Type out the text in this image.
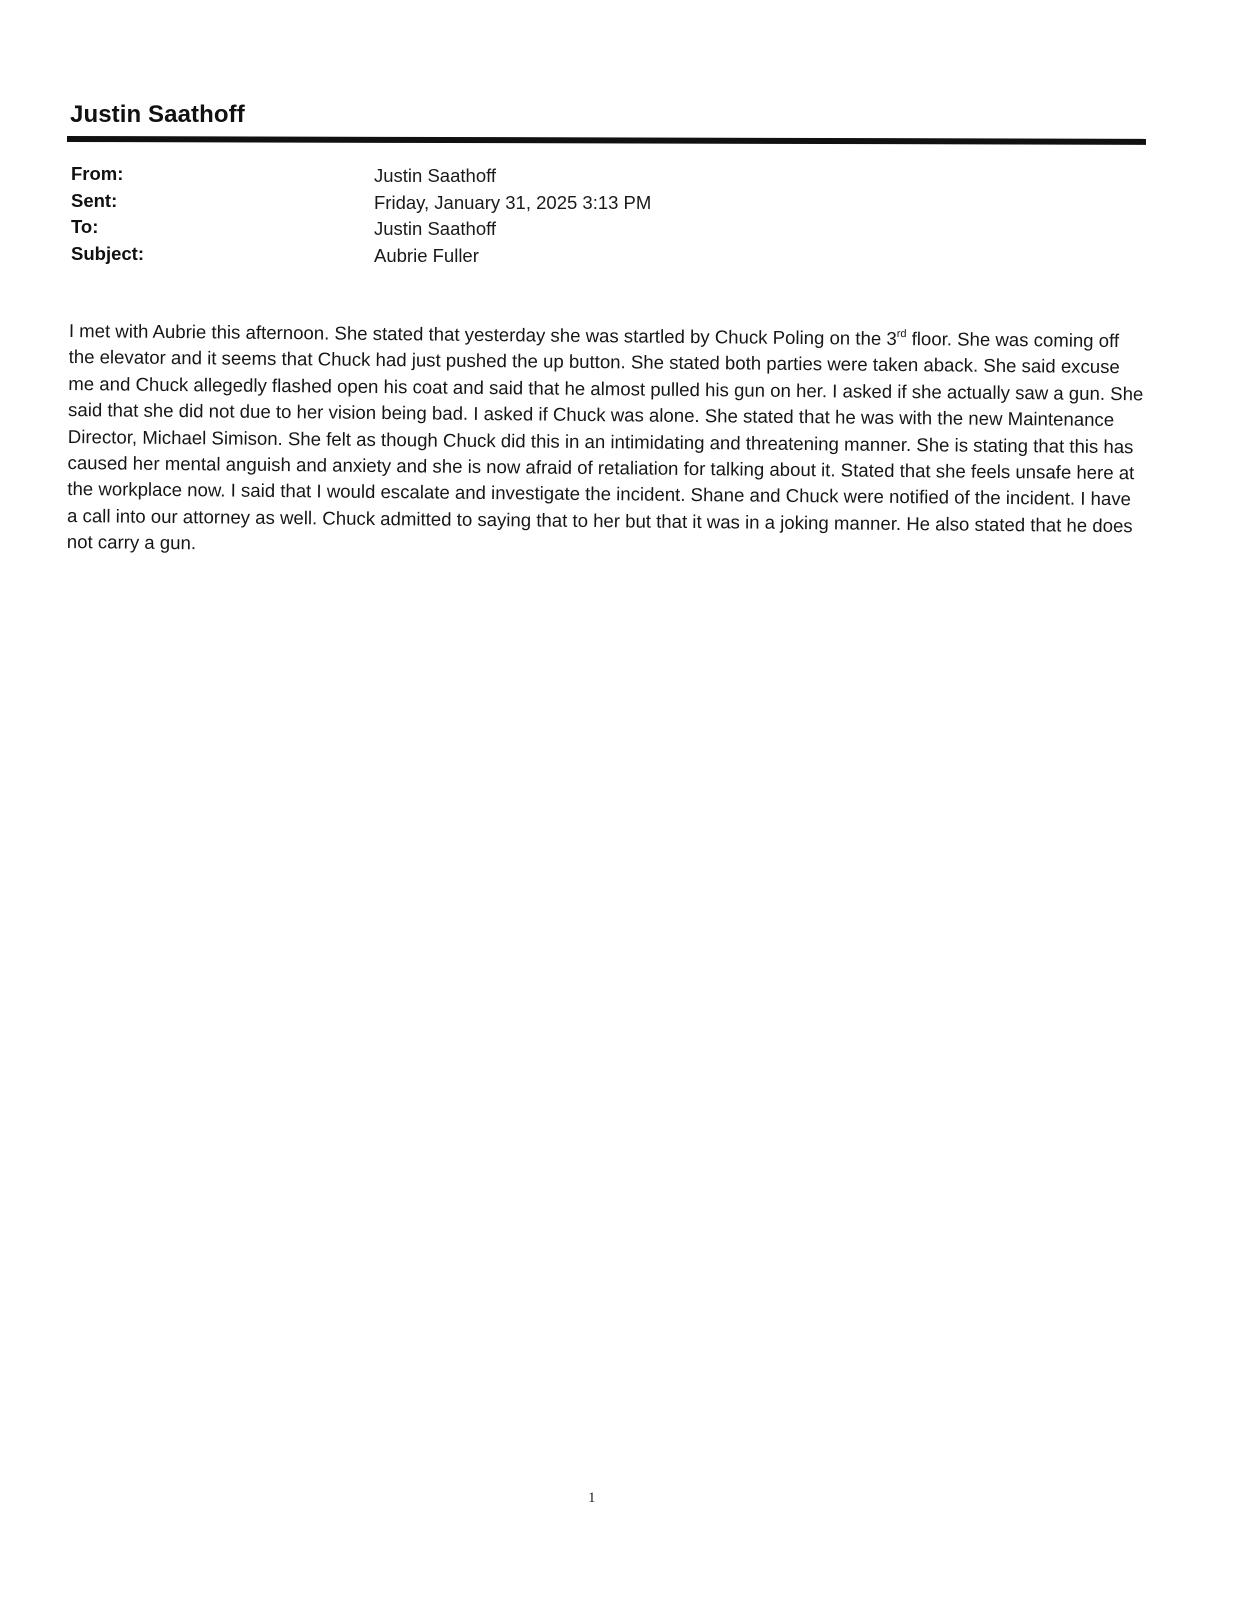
Justin Saathoff
From:	Justin Saathoff
Sent:	Friday, January 31, 2025 3:13 PM
To:	Justin Saathoff
Subject:	Aubrie Fuller

I met with Aubrie this afternoon. She stated that yesterday she was startled by Chuck Poling on the 3rd floor. She was coming off the elevator and it seems that Chuck had just pushed the up button. She stated both parties were taken aback. She said excuse me and Chuck allegedly flashed open his coat and said that he almost pulled his gun on her. I asked if she actually saw a gun. She said that she did not due to her vision being bad. I asked if Chuck was alone. She stated that he was with the new Maintenance Director, Michael Simison. She felt as though Chuck did this in an intimidating and threatening manner. She is stating that this has caused her mental anguish and anxiety and she is now afraid of retaliation for talking about it. Stated that she feels unsafe here at the workplace now. I said that I would escalate and investigate the incident. Shane and Chuck were notified of the incident. I have a call into our attorney as well. Chuck admitted to saying that to her but that it was in a joking manner. He also stated that he does not carry a gun.

1
